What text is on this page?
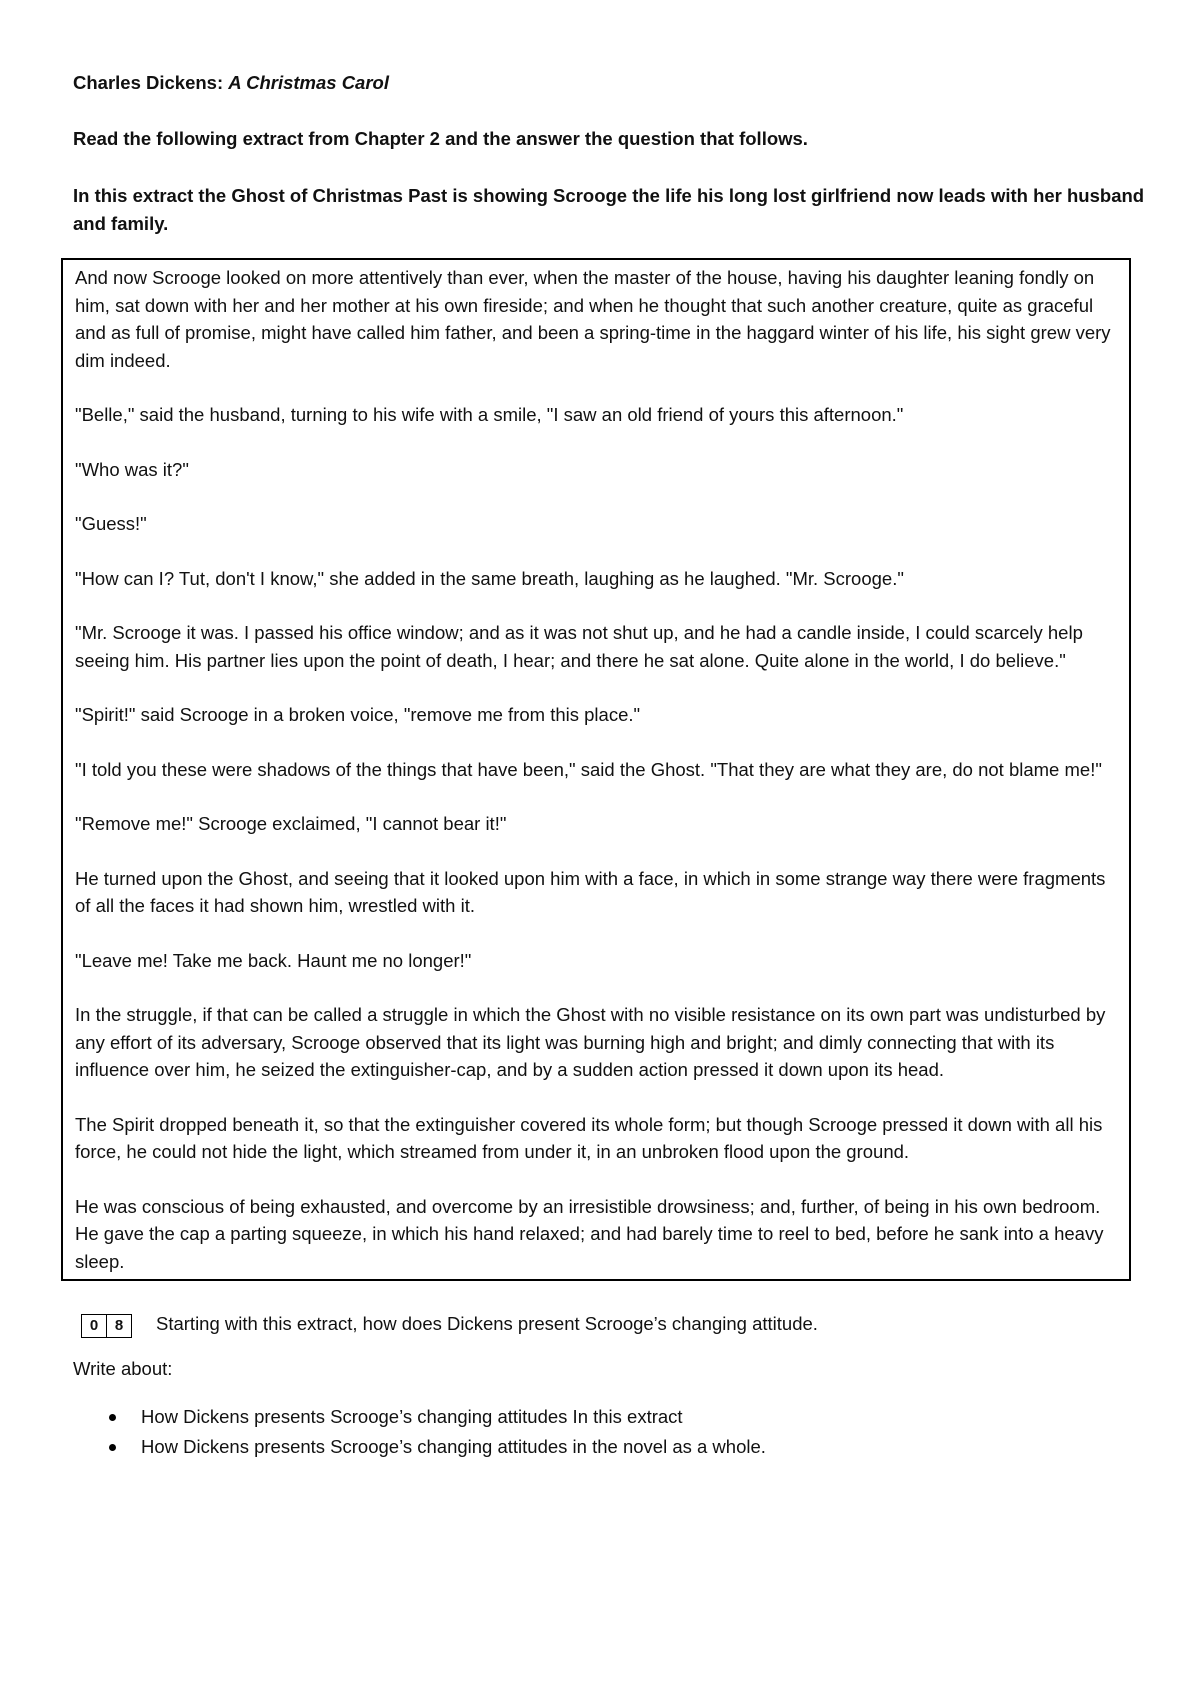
Charles Dickens: A Christmas Carol
Read the following extract from Chapter 2 and the answer the question that follows.
In this extract the Ghost of Christmas Past is showing Scrooge the life his long lost girlfriend now leads with her husband and family.

And now Scrooge looked on more attentively than ever, when the master of the house, having his daughter leaning fondly on him, sat down with her and her mother at his own fireside; and when he thought that such another creature, quite as graceful and as full of promise, might have called him father, and been a spring-time in the haggard winter of his life, his sight grew very dim indeed.

"Belle," said the husband, turning to his wife with a smile, "I saw an old friend of yours this afternoon."

"Who was it?"

"Guess!"

"How can I? Tut, don't I know," she added in the same breath, laughing as he laughed. "Mr. Scrooge."

"Mr. Scrooge it was. I passed his office window; and as it was not shut up, and he had a candle inside, I could scarcely help seeing him. His partner lies upon the point of death, I hear; and there he sat alone. Quite alone in the world, I do believe."

"Spirit!" said Scrooge in a broken voice, "remove me from this place."

"I told you these were shadows of the things that have been," said the Ghost. "That they are what they are, do not blame me!"

"Remove me!" Scrooge exclaimed, "I cannot bear it!"

He turned upon the Ghost, and seeing that it looked upon him with a face, in which in some strange way there were fragments of all the faces it had shown him, wrestled with it.

"Leave me! Take me back. Haunt me no longer!"

In the struggle, if that can be called a struggle in which the Ghost with no visible resistance on its own part was undisturbed by any effort of its adversary, Scrooge observed that its light was burning high and bright; and dimly connecting that with its influence over him, he seized the extinguisher-cap, and by a sudden action pressed it down upon its head.

The Spirit dropped beneath it, so that the extinguisher covered its whole form; but though Scrooge pressed it down with all his force, he could not hide the light, which streamed from under it, in an unbroken flood upon the ground.

He was conscious of being exhausted, and overcome by an irresistible drowsiness; and, further, of being in his own bedroom. He gave the cap a parting squeeze, in which his hand relaxed; and had barely time to reel to bed, before he sank into a heavy sleep.

0	8	Starting with this extract, how does Dickens present Scrooge’s changing attitude.
Write about:
How Dickens presents Scrooge’s changing attitudes In this extract
How Dickens presents Scrooge’s changing attitudes in the novel as a whole.
